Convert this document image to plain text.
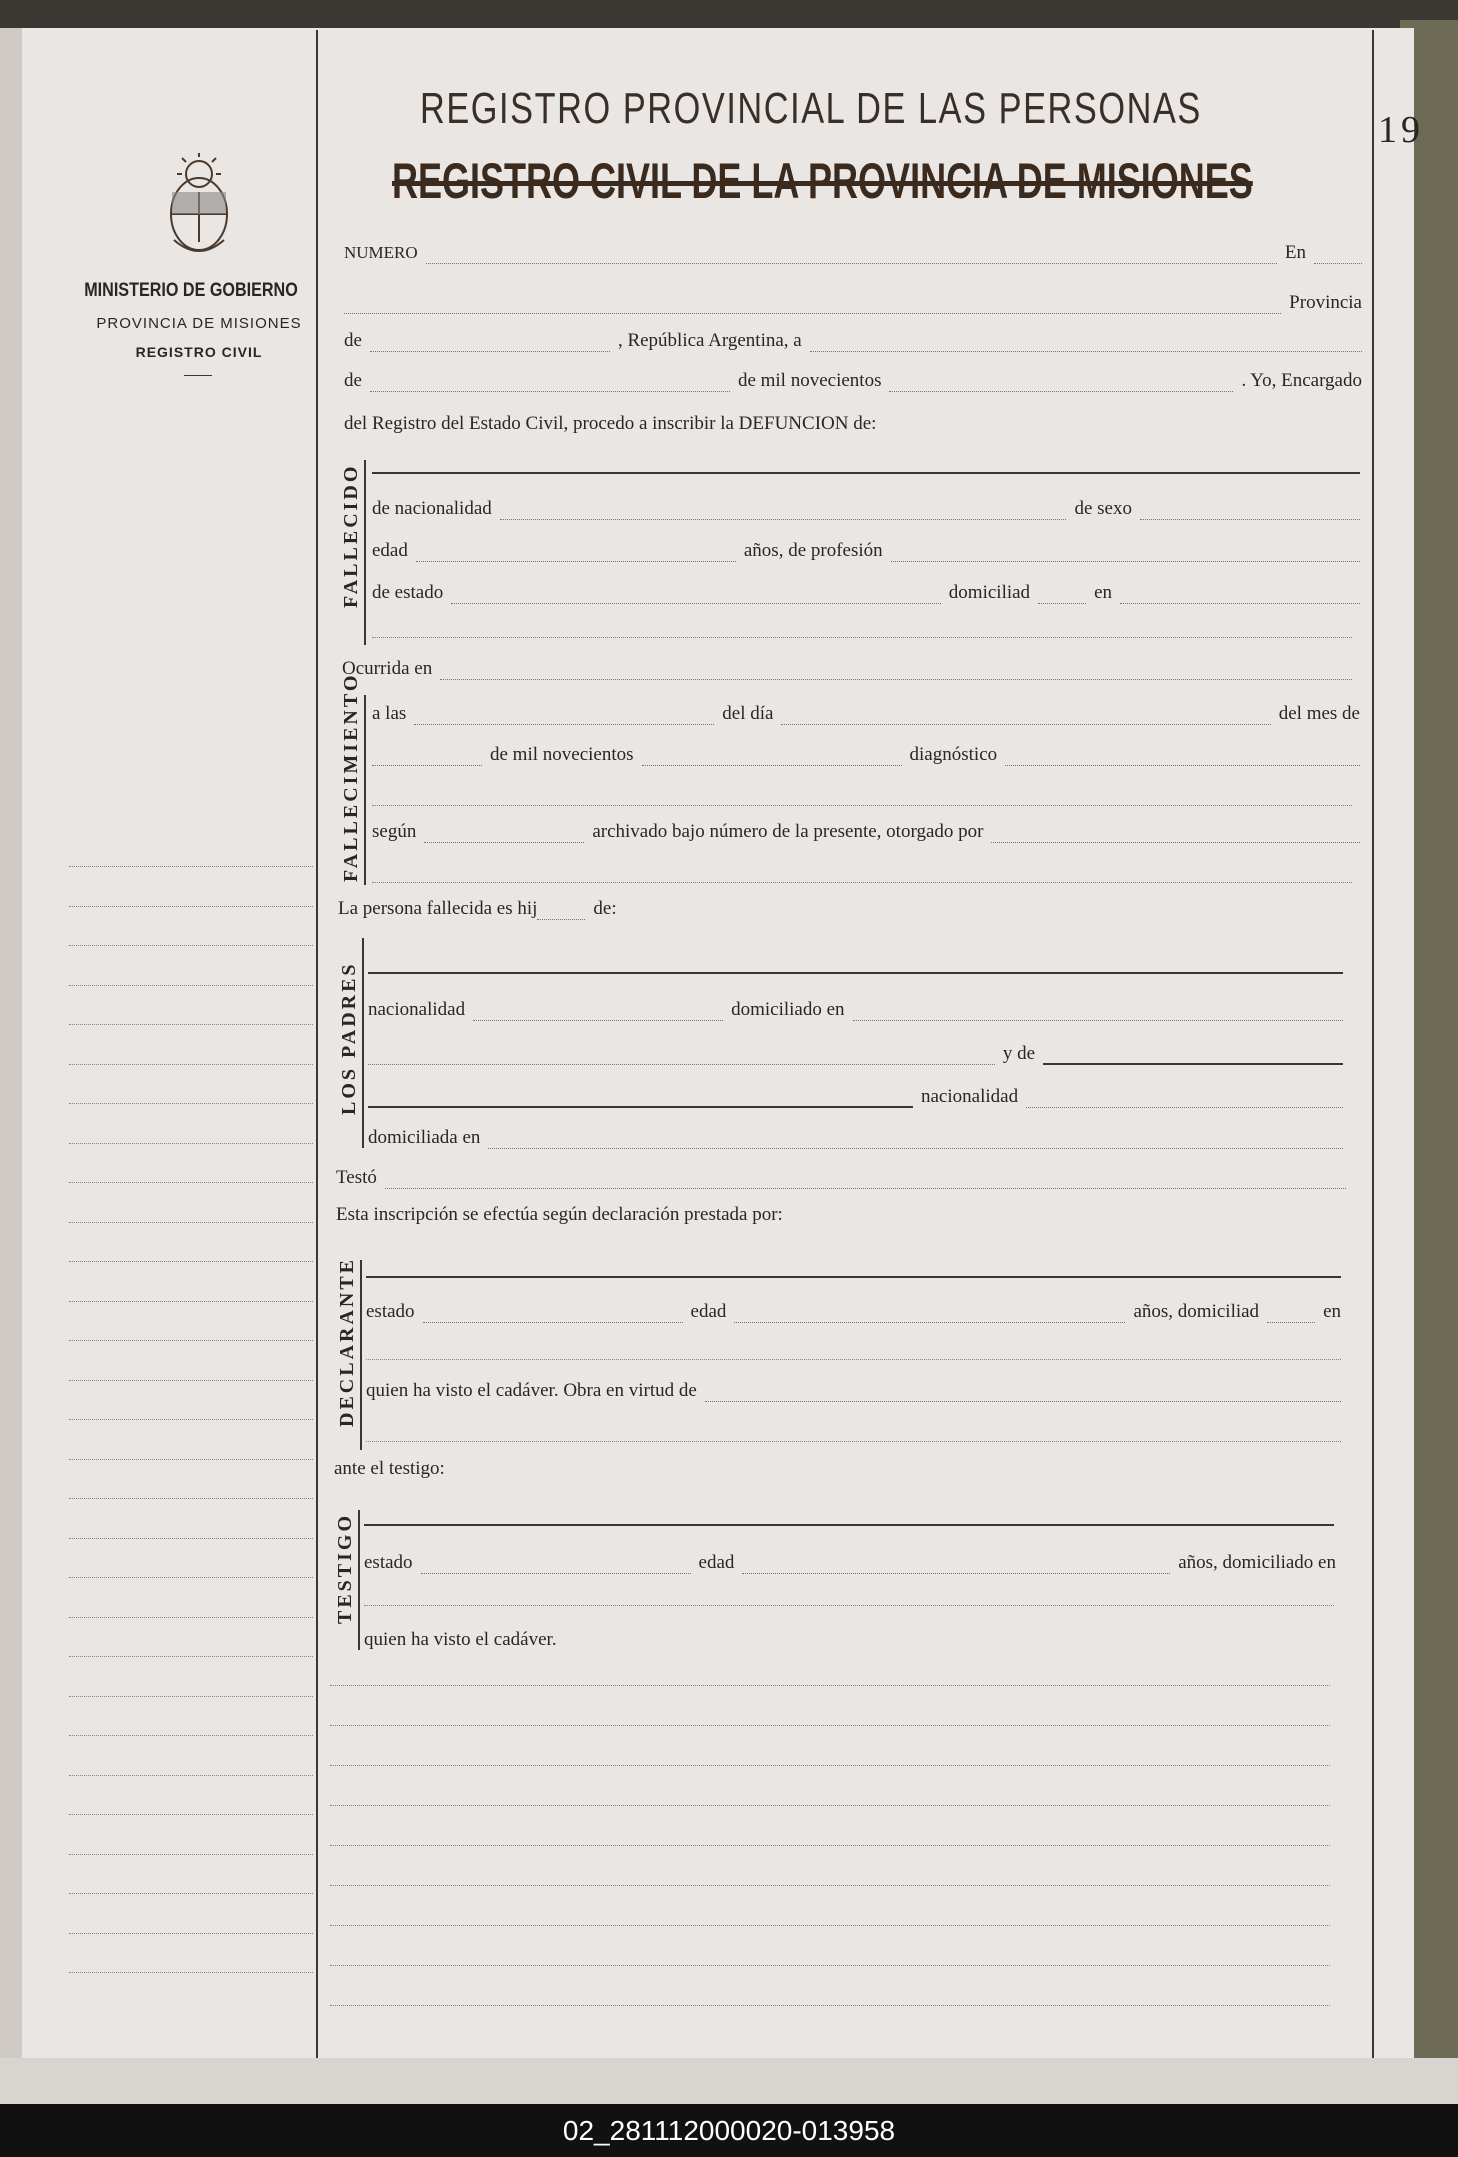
REGISTRO PROVINCIAL DE LAS PERSONAS
REGISTRO CIVIL DE LA PROVINCIA DE MISIONES
19
MINISTERIO DE GOBIERNO
PROVINCIA DE MISIONES
REGISTRO CIVIL
NUMERO	En
Provincia
de	, República Argentina, a
de	de mil novecientos	. Yo, Encargado
del Registro del Estado Civil, procedo a inscribir la DEFUNCION de:
FALLECIDO de nacionalidad	de sexo
edad	años, de profesión
de estado	domiciliad	en
Ocurrida en
FALLECIMIENTO a las	del día	del mes de
de mil novecientos	diagnóstico
según	archivado bajo número de la presente, otorgado por
La persona fallecida es hij	de:
LOS PADRES nacionalidad	domiciliado en
y de
nacionalidad
domiciliada en
Testó
Esta inscripción se efectúa según declaración prestada por:
DECLARANTE estado	edad	años, domiciliad	en
quien ha visto el cadáver. Obra en virtud de
ante el testigo:
TESTIGO estado	edad	años, domiciliado en
quien ha visto el cadáver.
02_281112000020-013958
